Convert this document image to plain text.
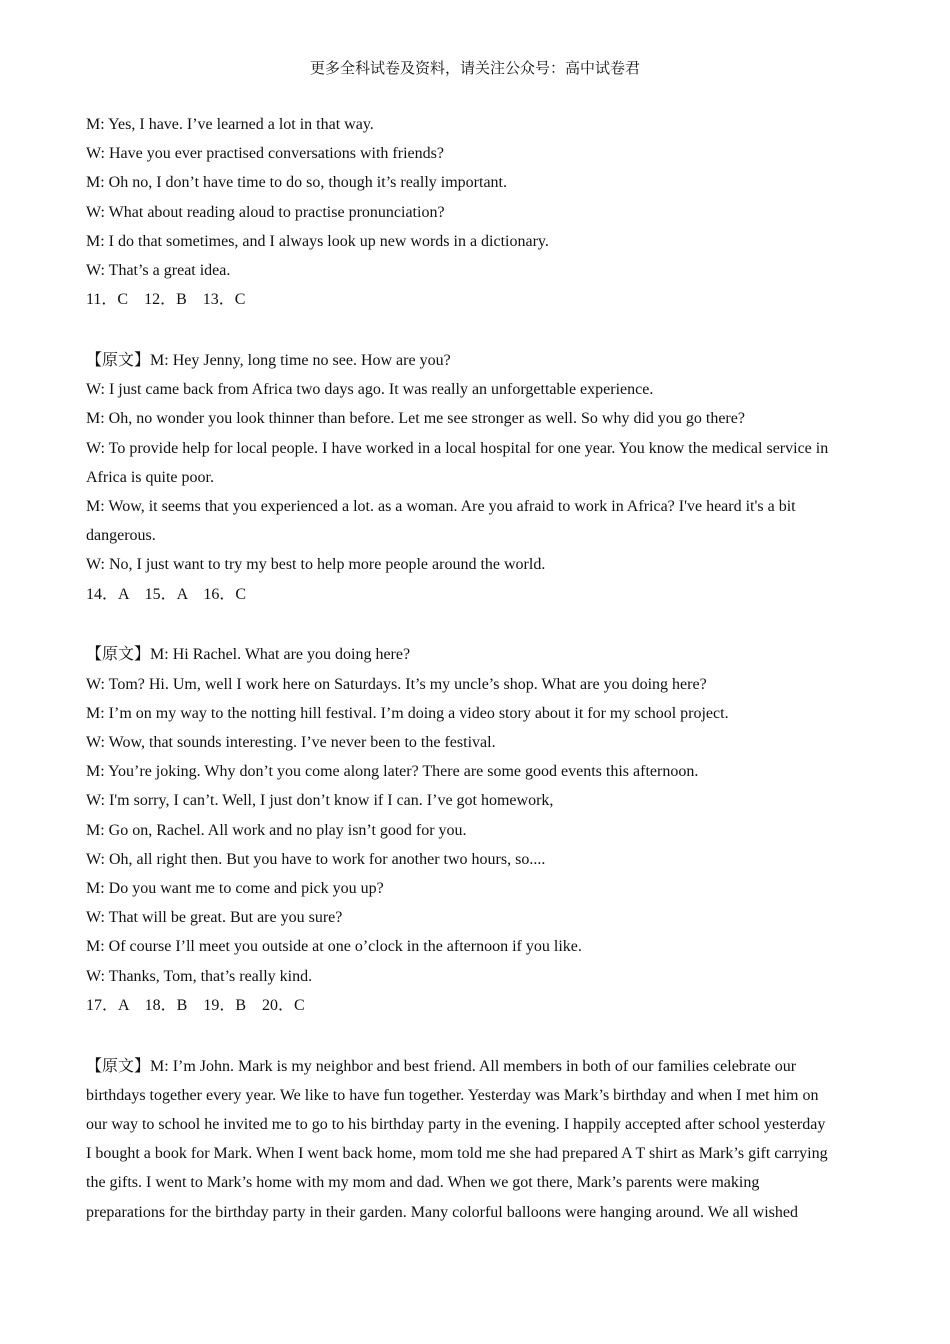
更多全科试卷及资料，请关注公众号：高中试卷君
M: Yes, I have. I’ve learned a lot in that way.
W: Have you ever practised conversations with friends?
M: Oh no, I don’t have time to do so, though it’s really important.
W: What about reading aloud to practise pronunciation?
M: I do that sometimes, and I always look up new words in a dictionary.
W: That’s a great idea.
11．C    12．B    13．C
【原文】M: Hey Jenny, long time no see. How are you?
W: I just came back from Africa two days ago. It was really an unforgettable experience.
M: Oh, no wonder you look thinner than before. Let me see stronger as well. So why did you go there?
W: To provide help for local people. I have worked in a local hospital for one year. You know the medical service in Africa is quite poor.
M: Wow, it seems that you experienced a lot. as a woman. Are you afraid to work in Africa? I've heard it's a bit dangerous.
W: No, I just want to try my best to help more people around the world.
14．A    15．A    16．C
【原文】M: Hi Rachel. What are you doing here?
W: Tom? Hi. Um, well I work here on Saturdays. It’s my uncle’s shop. What are you doing here?
M: I’m on my way to the notting hill festival. I’m doing a video story about it for my school project.
W: Wow, that sounds interesting. I’ve never been to the festival.
M: You’re joking. Why don’t you come along later? There are some good events this afternoon.
W: I'm sorry, I can’t. Well, I just don’t know if I can. I’ve got homework,
M: Go on, Rachel. All work and no play isn’t good for you.
W: Oh, all right then. But you have to work for another two hours, so....
M: Do you want me to come and pick you up?
W: That will be great. But are you sure?
M: Of course I’ll meet you outside at one o’clock in the afternoon if you like.
W: Thanks, Tom, that’s really kind.
17．A    18．B    19．B    20．C
【原文】M: I’m John. Mark is my neighbor and best friend. All members in both of our families celebrate our
birthdays together every year. We like to have fun together. Yesterday was Mark’s birthday and when I met him on
our way to school he invited me to go to his birthday party in the evening. I happily accepted after school yesterday
I bought a book for Mark. When I went back home, mom told me she had prepared A T shirt as Mark’s gift carrying
the gifts. I went to Mark’s home with my mom and dad. When we got there, Mark’s parents were making
preparations for the birthday party in their garden. Many colorful balloons were hanging around. We all wished
